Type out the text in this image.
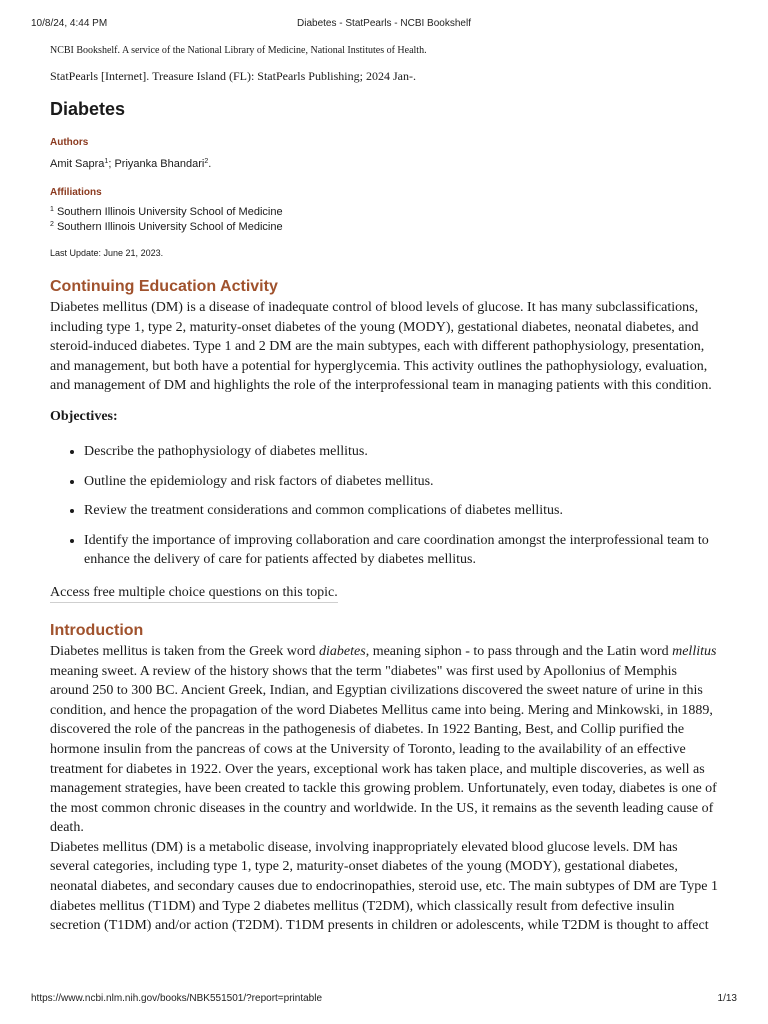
10/8/24, 4:44 PM	Diabetes - StatPearls - NCBI Bookshelf

NCBI Bookshelf. A service of the National Library of Medicine, National Institutes of Health.

StatPearls [Internet]. Treasure Island (FL): StatPearls Publishing; 2024 Jan-.

Diabetes

Authors

Amit Sapra$^1$; Priyanka Bhandari$^2$.

Affiliations

$^1$ Southern Illinois University School of Medicine

$^2$ Southern Illinois University School of Medicine

Last Update: June 21, 2023.

Continuing Education Activity

Diabetes mellitus (DM) is a disease of inadequate control of blood levels of glucose. It has many subclassifications, including type 1, type 2, maturity-onset diabetes of the young (MODY), gestational diabetes, neonatal diabetes, and steroid-induced diabetes. Type 1 and 2 DM are the main subtypes, each with different pathophysiology, presentation, and management, but both have a potential for hyperglycemia. This activity outlines the pathophysiology, evaluation, and management of DM and highlights the role of the interprofessional team in managing patients with this condition.

Objectives:

• Describe the pathophysiology of diabetes mellitus.
• Outline the epidemiology and risk factors of diabetes mellitus.
• Review the treatment considerations and common complications of diabetes mellitus.
• Identify the importance of improving collaboration and care coordination amongst the interprofessional team to enhance the delivery of care for patients affected by diabetes mellitus.
Access free multiple choice questions on this topic.
Introduction

Diabetes mellitus is taken from the Greek word diabetes, meaning siphon - to pass through and the Latin word mellitus meaning sweet. A review of the history shows that the term "diabetes" was first used by Apollonius of Memphis around 250 to 300 BC. Ancient Greek, Indian, and Egyptian civilizations discovered the sweet nature of urine in this condition, and hence the propagation of the word Diabetes Mellitus came into being. Mering and Minkowski, in 1889, discovered the role of the pancreas in the pathogenesis of diabetes. In 1922 Banting, Best, and Collip purified the hormone insulin from the pancreas of cows at the University of Toronto, leading to the availability of an effective treatment for diabetes in 1922. Over the years, exceptional work has taken place, and multiple discoveries, as well as management strategies, have been created to tackle this growing problem. Unfortunately, even today, diabetes is one of the most common chronic diseases in the country and worldwide. In the US, it remains as the seventh leading cause of death.

Diabetes mellitus (DM) is a metabolic disease, involving inappropriately elevated blood glucose levels. DM has several categories, including type 1, type 2, maturity-onset diabetes of the young (MODY), gestational diabetes, neonatal diabetes, and secondary causes due to endocrinopathies, steroid use, etc. The main subtypes of DM are Type 1 diabetes mellitus (T1DM) and Type 2 diabetes mellitus (T2DM), which classically result from defective insulin secretion (T1DM) and/or action (T2DM). T1DM presents in children or adolescents, while T2DM is thought to affect

https://www.ncbi.nlm.nih.gov/books/NBK551501/?report=printable	1/13
